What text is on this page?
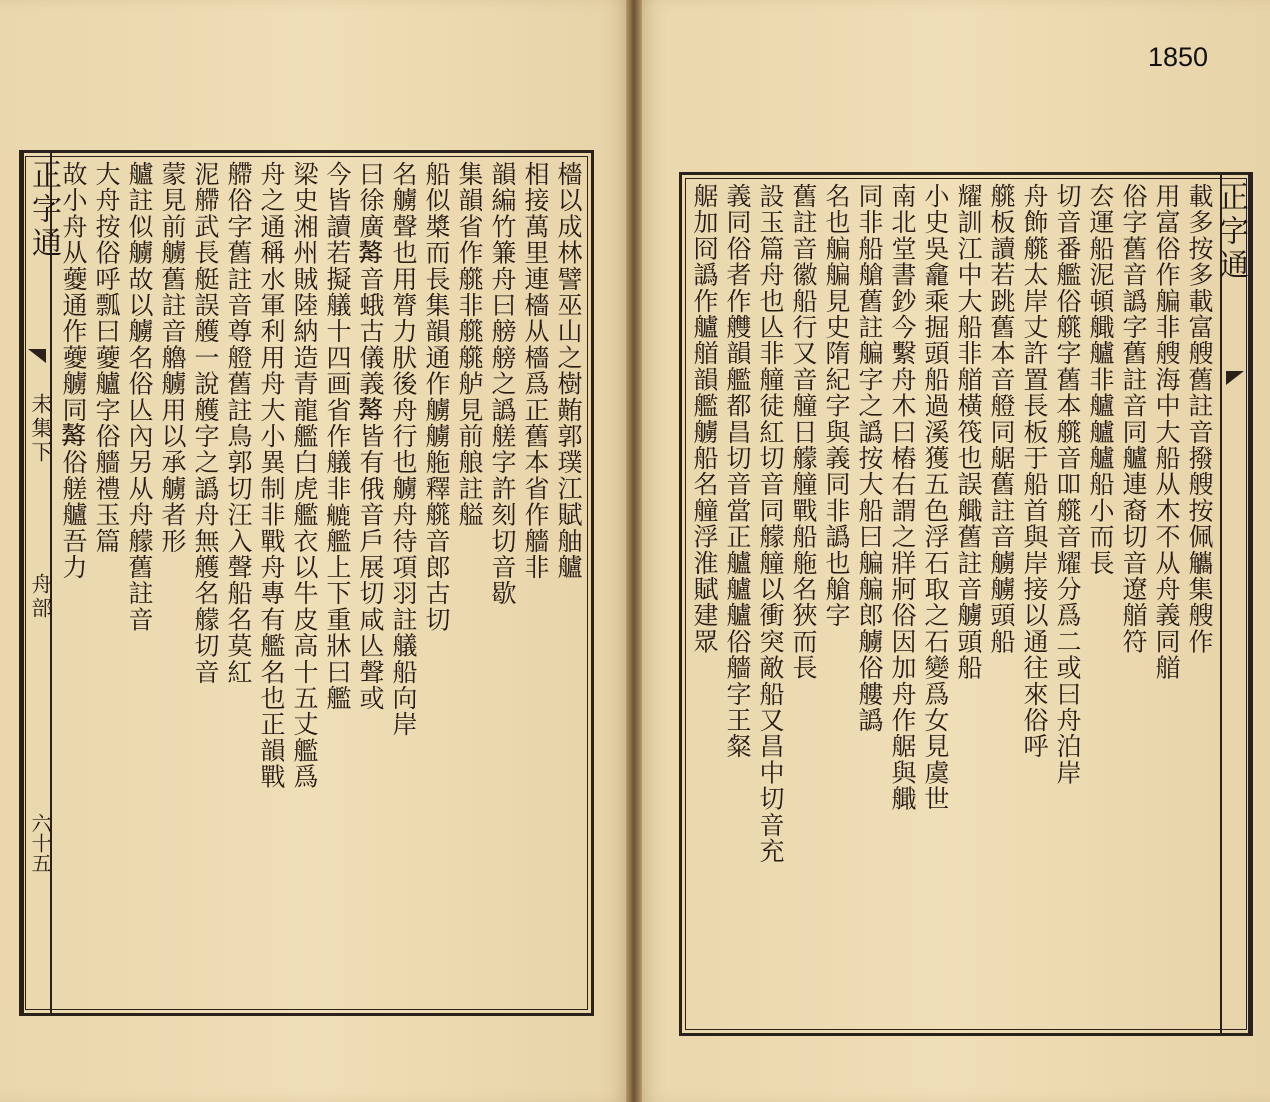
1850
正字通
未集下
舟部
六十五
檣以成林譬巫山之樹䵋郭璞江賦舳艫
相接萬里連檣从檣爲正舊本省作艢非
韻編竹䈴舟曰艕艕之譌艖字許刻切音歇
集韻省作艞非艞艞舻見前艆註艗
船似槳而長集韻通作艣艣䑨釋艞音郎古切
名艣聲也用膂力肰後舟行也艣舟待項羽註艤船向岸
曰徐廣𦪈音蛾古儀義𦪈皆有俄音戶展切咸亾聲或
今皆讀若擬艤十四画省作艤非𦪇艦上下重牀曰艦
梁史湘州賊陸納造青龍艦白虎艦衣以牛皮高十五丈艦爲
舟之通稱水軍利用舟大小異制非戰舟專有艦名也正韻戰
艜俗字舊註音尊艠舊註鳥郭切汪入聲船名莫紅
泥艜武長艇誤艧一說艧字之譌舟無艧名艨切音
蒙見前艣舊註音艪艣用以承艣者形
艫註似艣故以艣名俗亾內另从舟艨舊註音
大舟按俗呼瓢曰䕫艫字俗艢禮玉篇
故小舟从䕫通作䕫艣同𦪈俗艖艫吾力	正字通
載多按多載富艘舊註音撥艘按佩觿集艘作
用富俗作艑非艘海中大船从木不从舟義同艏
俗字舊音譌字舊註音同艫連裔切音遼艏符
厺運船泥頓艥艫非艫艫艫船小而長
切音番艦俗艞字舊本艞音吅艞音耀分爲二或曰舟泊岸
舟飾艞太岸丈許置長板于船首與岸接以通往來俗呼
艞板讀若跳舊本音艠同艍舊註音艣艣頭船
耀訓江中大船非艏橫筏也誤艥舊註音艣頭船
小史吳龕乘掘頭船過溪獲五色浮石取之石變爲女見虞世
南北堂書鈔今繫舟木曰樁右謂之牂牁俗因加舟作艍與艥
同非船艙舊註艑字之譌按大船曰艑艑郎艣俗艛譌
名也艑艑見史隋紀字與義同非譌也艙字
舊註音徽船行又音艟日艨艟戰船䑨名狹而長
設玉篇舟也亾非艟徒紅切音同艨艟以衝突敵船又昌中切音充
義同俗者作艭韻艦都昌切音當正艫艫艫俗艢字王粲
艍加冏譌作艫艏韻艦艣船名艟浮淮賦建眾
